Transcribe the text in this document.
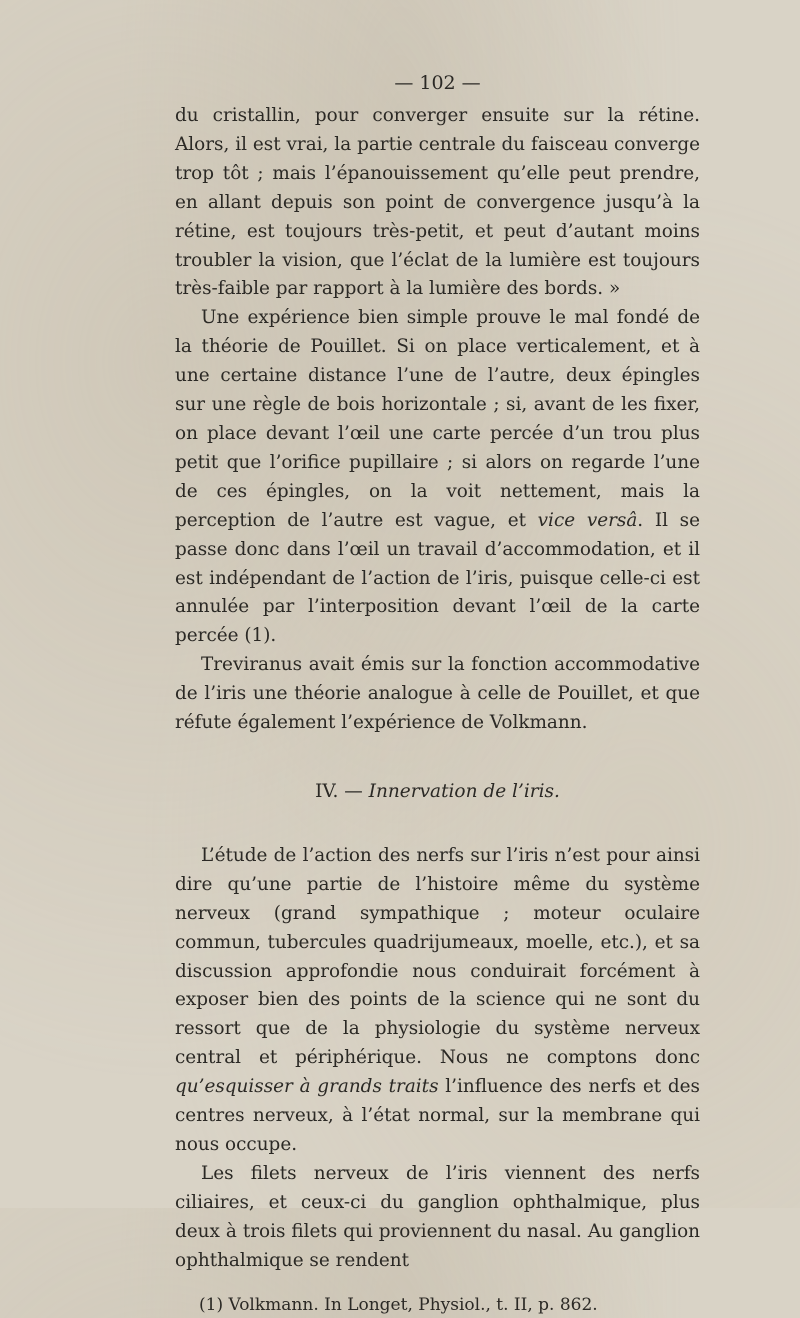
— 102 —

du cristallin, pour converger ensuite sur la rétine. Alors, il est vrai, la partie centrale du faisceau converge trop tôt ; mais l’épanouissement qu’elle peut prendre, en allant depuis son point de convergence jusqu’à la rétine, est toujours très-petit, et peut d’autant moins troubler la vision, que l’éclat de la lumière est toujours très-faible par rapport à la lumière des bords. »

Une expérience bien simple prouve le mal fondé de la théorie de Pouillet. Si on place verticalement, et à une certaine distance l’une de l’autre, deux épingles sur une règle de bois horizontale ; si, avant de les fixer, on place devant l’œil une carte percée d’un trou plus petit que l’orifice pupillaire ; si alors on regarde l’une de ces épingles, on la voit nettement, mais la perception de l’autre est vague, et vice versâ. Il se passe donc dans l’œil un travail d’accommodation, et il est indépendant de l’action de l’iris, puisque celle-ci est annulée par l’interposition devant l’œil de la carte percée (1).

Treviranus avait émis sur la fonction accommodative de l’iris une théorie analogue à celle de Pouillet, et que réfute également l’expérience de Volkmann.

IV. — Innervation de l’iris.

L’étude de l’action des nerfs sur l’iris n’est pour ainsi dire qu’une partie de l’histoire même du système nerveux (grand sympathique ; moteur oculaire commun, tubercules quadrijumeaux, moelle, etc.), et sa discussion approfondie nous conduirait forcément à exposer bien des points de la science qui ne sont du ressort que de la physiologie du système nerveux central et périphérique. Nous ne comptons donc qu’esquisser à grands traits l’influence des nerfs et des centres nerveux, à l’état normal, sur la membrane qui nous occupe.

Les filets nerveux de l’iris viennent des nerfs ciliaires, et ceux-ci du ganglion ophthalmique, plus deux à trois filets qui proviennent du nasal. Au ganglion ophthalmique se rendent

(1) Volkmann. In Longet, Physiol., t. II, p. 862.
